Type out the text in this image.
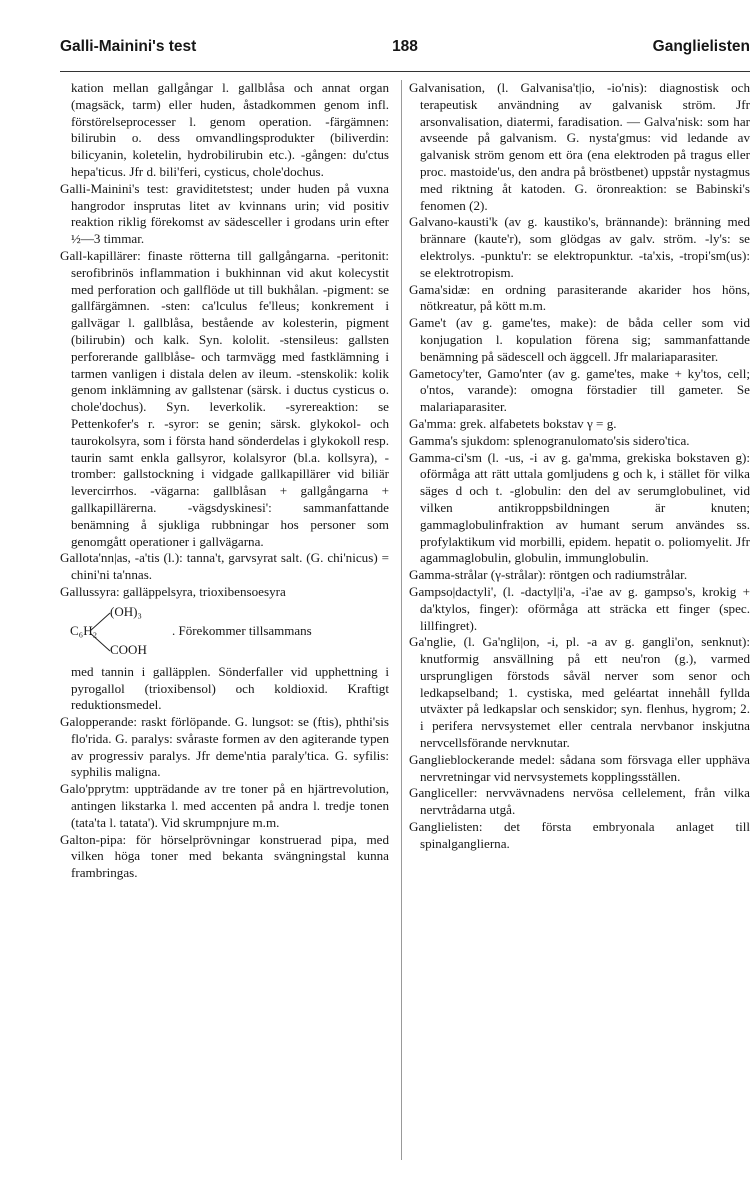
Galli-Mainini's test	188	Ganglielisten

kation mellan gallgångar l. gallblåsa och annat organ (magsäck, tarm) eller huden, åstadkommen genom infl. förstörelseprocesser l. genom operation. -färgämnen: bilirubin o. dess omvandlingsprodukter (biliverdin: bilicyanin, koletelin, hydrobilirubin etc.). -gången: du'ctus hepa'ticus. Jfr d. bili'feri, cysticus, chole'dochus.

Galli-Mainini's test: graviditetstest; under huden på vuxna hangrodor insprutas litet av kvinnans urin; vid positiv reaktion riklig förekomst av sädesceller i grodans urin efter ½—3 timmar.

Gall-kapillärer: finaste rötterna till gallgångarna. -peritonit: serofibrinös inflammation i bukhinnan vid akut kolecystit med perforation och gallflöde ut till bukhålan. -pigment: se gallfärgämnen. -sten: ca'lculus fe'lleus; konkrement i gallvägar l. gallblåsa, bestående av kolesterin, pigment (bilirubin) och kalk. Syn. kololit. -stensileus: gallsten perforerande gallblåse- och tarmvägg med fastklämning i tarmen vanligen i distala delen av ileum. -stenskolik: kolik genom inklämning av gallstenar (särsk. i ductus cysticus o. chole'dochus). Syn. leverkolik. -syrereaktion: se Pettenkofer's r. -syror: se genin; särsk. glykokol- och taurokolsyra, som i första hand sönderdelas i glykokoll resp. taurin samt enkla gallsyror, kolalsyror (bl.a. kollsyra), -tromber: gallstockning i vidgade gallkapillärer vid biliär levercirrhos. -vägarna: gallblåsan + gallgångarna + gallkapillärerna. -vägsdyskinesi': sammanfattande benämning å sjukliga rubbningar hos personer som genomgått operationer i gallvägarna.

Gallota'nn|as, -a'tis (l.): tanna't, garvsyrat salt. (G. chi'nicus) = chini'ni ta'nnas.

Gallussyra: galläppelsyra, trioxibensoesyra

C₆H₂
(OH)₃
COOH
. Förekommer tillsammans

med tannin i galläpplen. Sönderfaller vid upphettning i pyrogallol (trioxibensol) och koldioxid. Kraftigt reduktionsmedel.

Galopperande: raskt förlöpande. G. lungsot: se (ftis), phthi'sis flo'rida. G. paralys: svåraste formen av den agiterande typen av progressiv paralys. Jfr deme'ntia paraly'tica. G. syfilis: syphilis maligna.

Galo'pprytm: uppträdande av tre toner på en hjärtrevolution, antingen likstarka l. med accenten på andra l. tredje tonen (tata'ta l. tatata'). Vid skrumpnjure m.m.

Galton-pipa: för hörselprövningar konstruerad pipa, med vilken höga toner med bekanta svängningstal kunna frambringas.

Galvanisation, (l. Galvanisa't|io, -io'nis): diagnostisk och terapeutisk användning av galvanisk ström. Jfr arsonvalisation, diatermi, faradisation. — Galva'nisk: som har avseende på galvanism. G. nysta'gmus: vid ledande av galvanisk ström genom ett öra (ena elektroden på tragus eller proc. mastoide'us, den andra på bröstbenet) uppstår nystagmus med riktning åt katoden. G. öronreaktion: se Babinski's fenomen (2).

Galvano-kausti'k (av g. kaustiko's, brännande): bränning med brännare (kaute'r), som glödgas av galv. ström. -ly's: se elektrolys. -punktu'r: se elektropunktur. -ta'xis, -tropi'sm(us): se elektrotropism.

Gama'sidæ: en ordning parasiterande akarider hos höns, nötkreatur, på kött m.m.

Game't (av g. game'tes, make): de båda celler som vid konjugation l. kopulation förena sig; sammanfattande benämning på sädescell och äggcell. Jfr malariaparasiter.

Gametocy'ter, Gamo'nter (av g. game'tes, make + ky'tos, cell; o'ntos, varande): omogna förstadier till gameter. Se malariaparasiter.

Ga'mma: grek. alfabetets bokstav γ = g.

Gamma's sjukdom: splenogranulomato'sis sidero'tica.

Gamma-ci'sm (l. -us, -i av g. ga'mma, grekiska bokstaven g): oförmåga att rätt uttala gomljudens g och k, i stället för vilka säges d och t. -globulin: den del av serumglobulinet, vid vilken antikroppsbildningen är knuten; gammaglobulinfraktion av humant serum användes ss. profylaktikum vid morbilli, epidem. hepatit o. poliomyelit. Jfr agammaglobulin, globulin, immunglobulin.

Gamma-strålar (γ-strålar): röntgen och radiumstrålar.

Gampso|dactyli', (l. -dactyl|i'a, -i'ae av g. gampso's, krokig + da'ktylos, finger): oförmåga att sträcka ett finger (spec. lillfingret).

Ga'nglie, (l. Ga'ngli|on, -i, pl. -a av g. gangli'on, senknut): knutformig ansvällning på ett neu'ron (g.), varmed ursprungligen förstods såväl nerver som senor och ledkapselband; 1. cystiska, med geléartat innehåll fyllda utväxter på ledkapslar och senskidor; syn. flenhus, hygrom; 2. i perifera nervsystemet eller centrala nervbanor inskjutna nervcellsförande nervknutar.

Ganglieblockerande medel: sådana som försvaga eller upphäva nervretningar vid nervsystemets kopplingsställen.

Gangliceller: nervvävnadens nervösa cellelement, från vilka nervtrådarna utgå.

Ganglielisten: det första embryonala anlaget till spinalganglierna.
